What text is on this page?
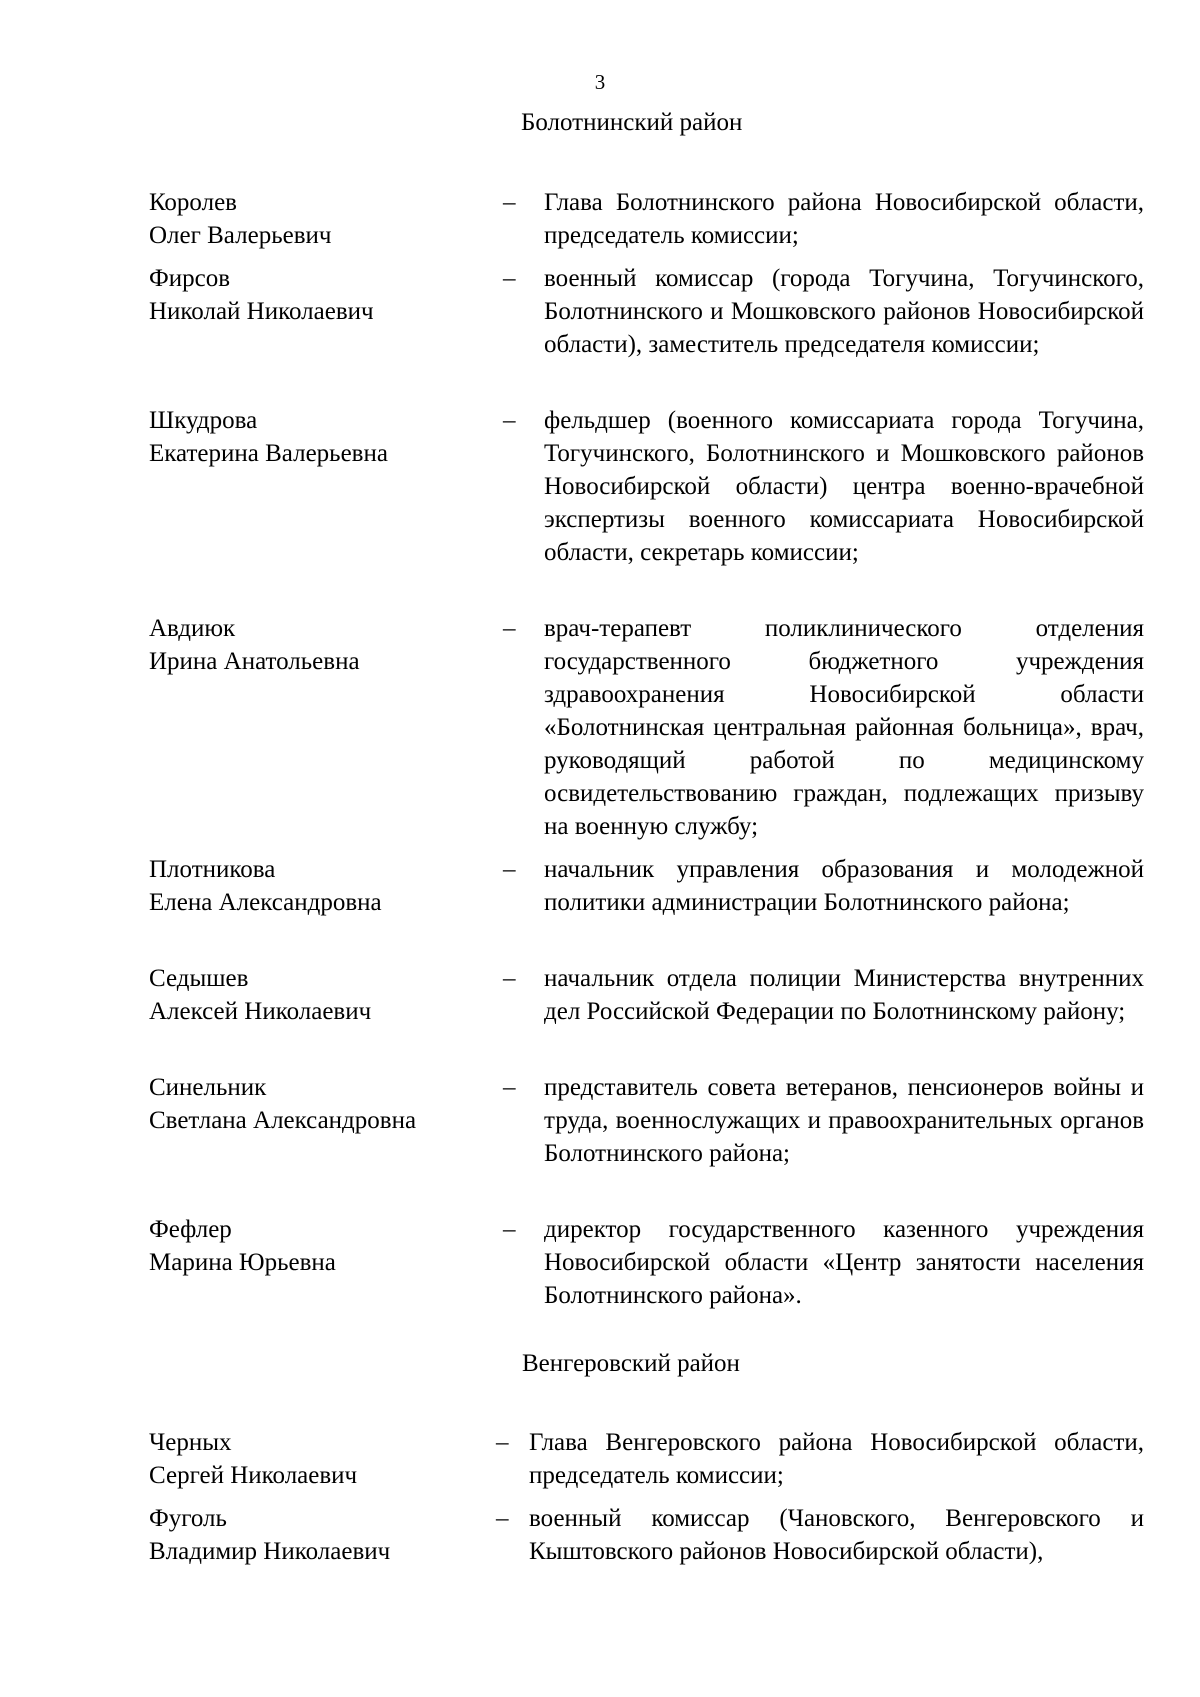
3
Болотнинский район
Королев
Олег Валерьевич
– Глава Болотнинского района Новосибирской области, председатель комиссии;
Фирсов
Николай Николаевич
– военный комиссар (города Тогучина, Тогучинского, Болотнинского и Мошковского районов Новосибирской области), заместитель председателя комиссии;
Шкудрова
Екатерина Валерьевна
– фельдшер (военного комиссариата города Тогучина, Тогучинского, Болотнинского и Мошковского районов Новосибирской области) центра военно-врачебной экспертизы военного комиссариата Новосибирской области, секретарь комиссии;
Авдиюк
Ирина Анатольевна
– врач-терапевт поликлинического отделения государственного бюджетного учреждения здравоохранения Новосибирской области «Болотнинская центральная районная больница», врач, руководящий работой по медицинскому освидетельствованию граждан, подлежащих призыву на военную службу;
Плотникова
Елена Александровна
– начальник управления образования и молодежной политики администрации Болотнинского района;
Седышев
Алексей Николаевич
– начальник отдела полиции Министерства внутренних дел Российской Федерации по Болотнинскому району;
Синельник
Светлана Александровна
– представитель совета ветеранов, пенсионеров войны и труда, военнослужащих и правоохранительных органов Болотнинского района;
Фефлер
Марина Юрьевна
– директор государственного казенного учреждения Новосибирской области «Центр занятости населения Болотнинского района».
Венгеровский район
Черных
Сергей Николаевич
– Глава Венгеровского района Новосибирской области, председатель комиссии;
Фуголь
Владимир Николаевич
– военный комиссар (Чановского, Венгеровского и Кыштовского районов Новосибирской области),
